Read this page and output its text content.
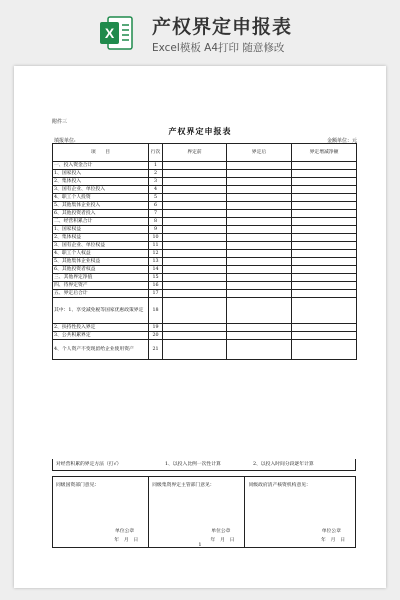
X 产权界定申报表
Excel模板 A4打印 随意修改
附件三
产权界定申报表
填报单位:	金额单位：元
项　　目	行次	界定前	界定后	界定增减净额
一、投入资金合计	1			
1、国家投入	2			
2、集体投入	3			
3、国有企业、单位投入	4			
4、职工个人投资	5			
5、其他集体企业投入	6			
6、其他投资者投入	7			
二、经营积累合计	8			
1、国家权益	9			
2、集体权益	10			
3、国有企业、单位权益	11			
4、职工个人权益	12			
5、其他集体企业权益	13			
6、其他投资者权益	14			
三、其他界定净值	15			
四、待界定资产	16			
五、界定后合计	17			
其中：1、享受减免税等国家优惠政策界定	18			
2、扶持性投入界定	19			
3、公共积累界定	20			
4、个人资产不变现留给企业使用资产	21			
对经营积累的界定方法（打√）	1、以投入比例一次性计算	2、以投入时间分段逐年计算
同级国资部门意见：
单位公章
年　月　日
同级集资界定主管部门意见：
单位公章
年　月　日
同级政府清产核资机构意见：
单位公章
年　月　日
1
